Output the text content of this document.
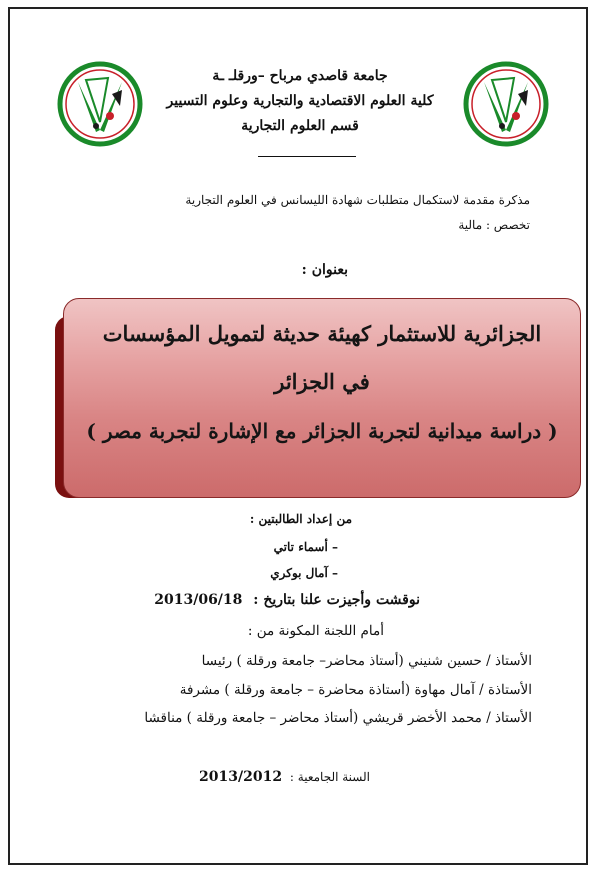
جامعة قاصدي مرباح –ورقلـ ـة
كلية العلوم الاقتصادية والتجارية وعلوم التسيير
قسم العلوم التجارية
مذكرة مقدمة لاستكمال متطلبات شهادة الليسانس في العلوم التجارية
تخصص : مالية
بعنوان :
الجزائرية للاستثمار كهيئة حديثة لتمويل المؤسسات
في الجزائر
( دراسة ميدانية لتجربة الجزائر مع الإشارة لتجربة مصر )
من إعداد الطالبتين :
– أسماء تاتي
– آمال بوكري
نوقشت وأجيزت علنا بتاريخ : 2013/06/18
أمام اللجنة المكونة من :
الأستاذ / حسين شنيني (أستاذ محاضر– جامعة ورقلة ) رئيسا
الأستاذة / آمال مهاوة (أستاذة محاضرة – جامعة ورقلة ) مشرفة
الأستاذ / محمد الأخضر قريشي (أستاذ محاضر – جامعة ورقلة ) مناقشا
السنة الجامعية : 2013/2012
